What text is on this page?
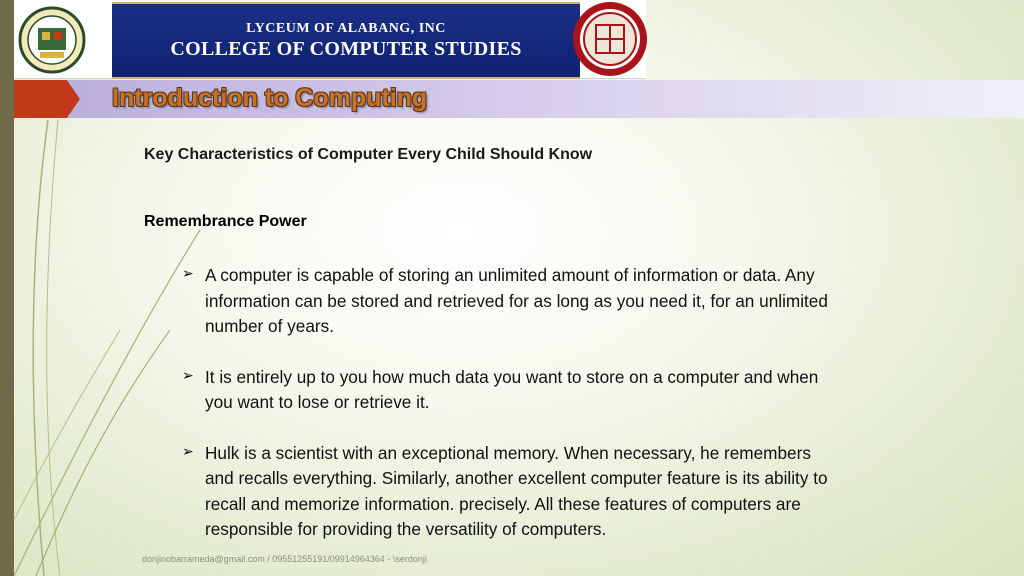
LYCEUM OF ALABANG, INC
COLLEGE OF COMPUTER STUDIES
Introduction to Computing
Key Characteristics of Computer Every Child Should Know
Remembrance Power
➢ A computer is capable of storing an unlimited amount of information or data. Any information can be stored and retrieved for as long as you need it, for an unlimited number of years.
➢ It is entirely up to you how much data you want to store on a computer and when you want to lose or retrieve it.
➢ Hulk is a scientist with an exceptional memory. When necessary, he remembers and recalls everything. Similarly, another excellent computer feature is its ability to recall and memorize information. precisely. All these features of computers are responsible for providing the versatility of computers.
donjinobarrameda@gmail.com / 09551255191/09914964364 - \serdonji
